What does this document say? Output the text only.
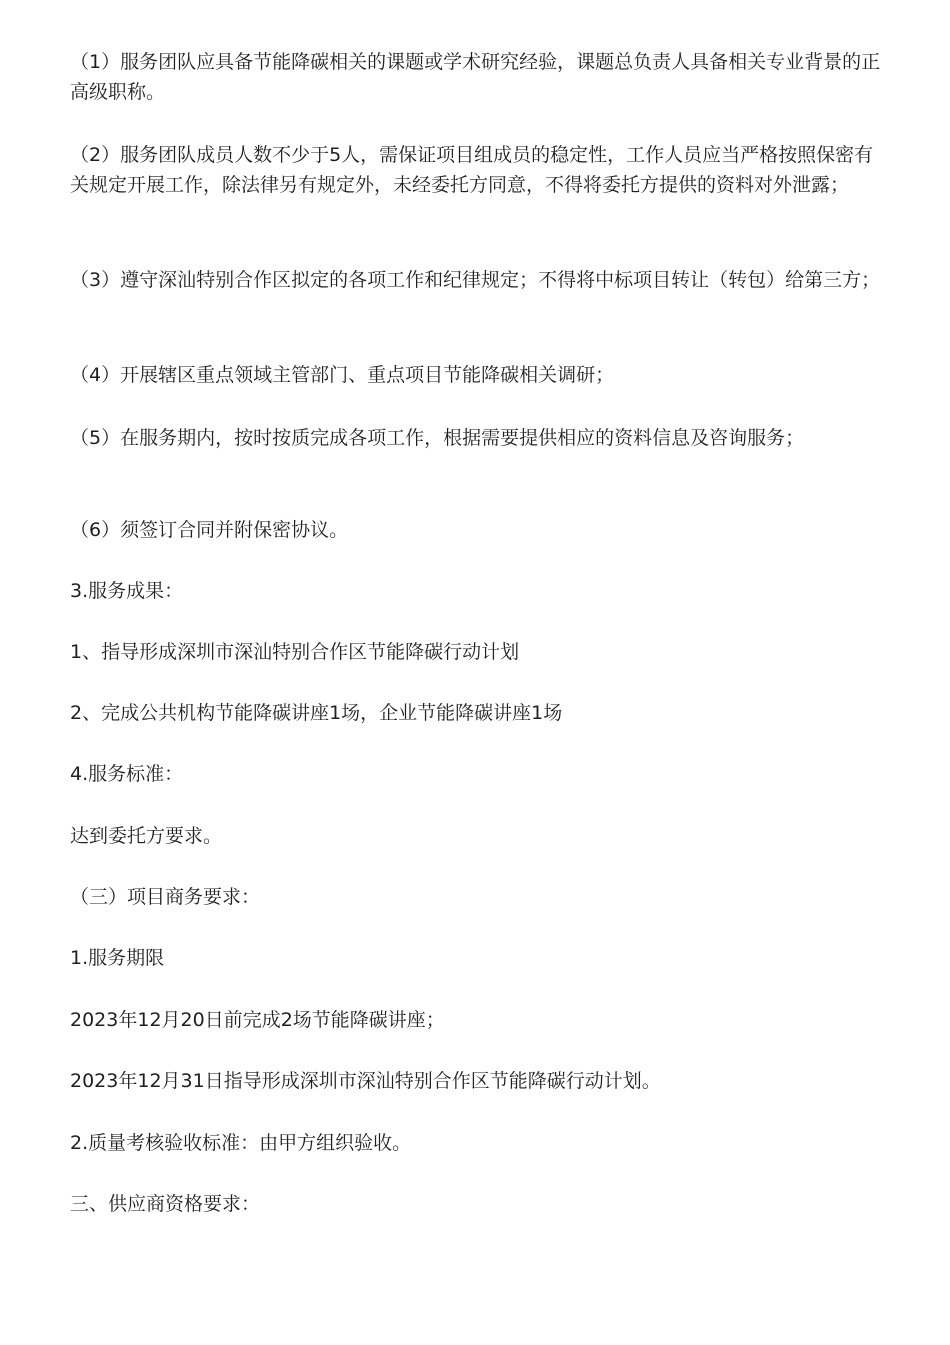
（1）服务团队应具备节能降碳相关的课题或学术研究经验，课题总负责人具备相关专业背景的正高级职称。

（2）服务团队成员人数不少于5人，需保证项目组成员的稳定性，工作人员应当严格按照保密有关规定开展工作，除法律另有规定外，未经委托方同意，不得将委托方提供的资料对外泄露；

（3）遵守深汕特别合作区拟定的各项工作和纪律规定；不得将中标项目转让（转包）给第三方；

（4）开展辖区重点领域主管部门、重点项目节能降碳相关调研；

（5）在服务期内，按时按质完成各项工作，根据需要提供相应的资料信息及咨询服务；

（6）须签订合同并附保密协议。

3.服务成果：

1、指导形成深圳市深汕特别合作区节能降碳行动计划

2、完成公共机构节能降碳讲座1场，企业节能降碳讲座1场

4.服务标准：

达到委托方要求。

（三）项目商务要求：

1.服务期限

2023年12月20日前完成2场节能降碳讲座；

2023年12月31日指导形成深圳市深汕特别合作区节能降碳行动计划。

2.质量考核验收标准：由甲方组织验收。

三、供应商资格要求：
